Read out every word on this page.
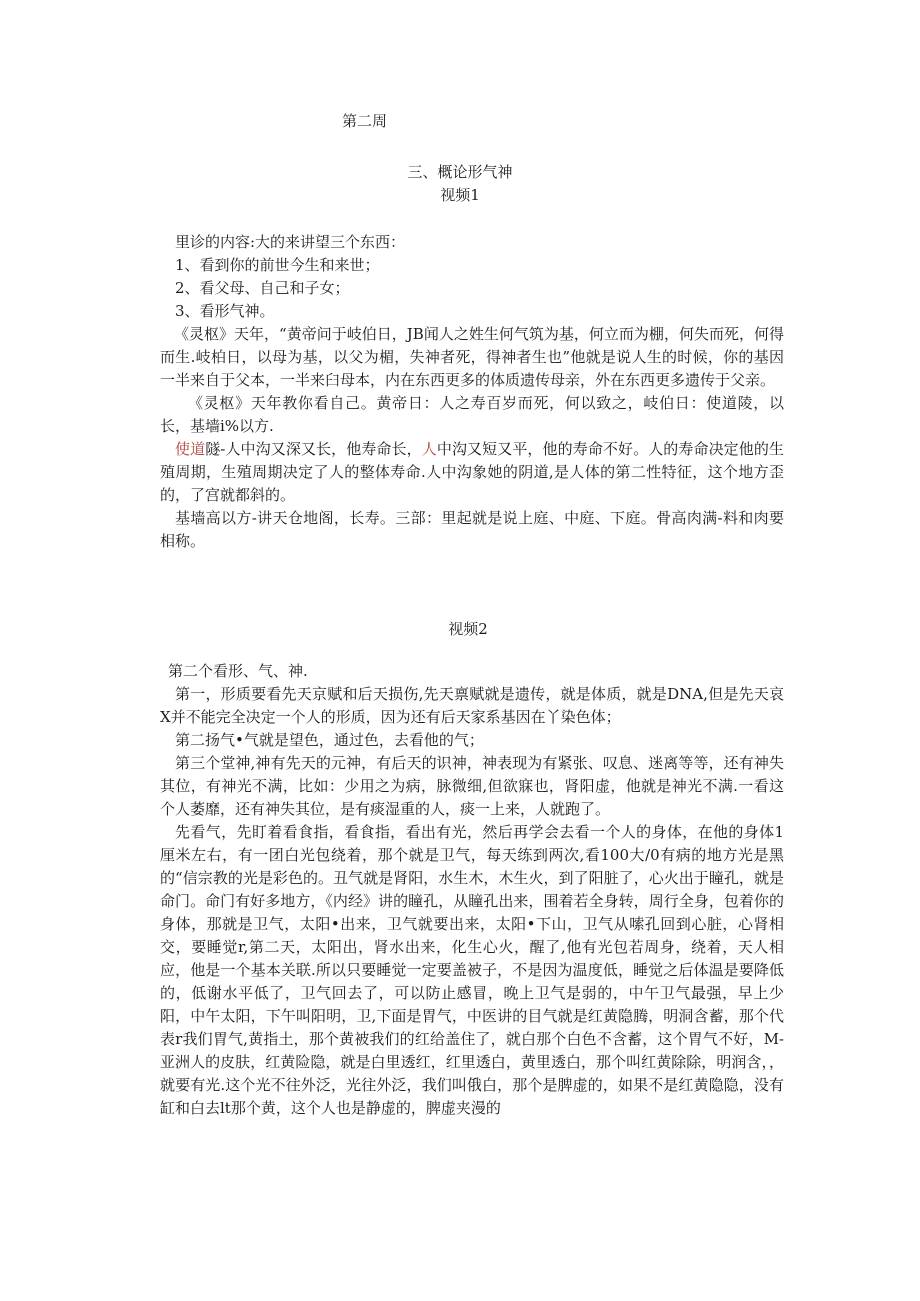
第二周
三、概论形气神
视频1

里诊的内容:大的来讲望三个东西：

1、看到你的前世今生和来世；

2、看父母、自己和子女；

3、看形气神。

《灵枢》天年，“黄帝问于岐伯日，JB闻人之姓生何气筑为基，何立而为棚，何失而死，何得而生.岐柏日，以母为基，以父为楣，失神者死，得神者生也”他就是说人生的时候，你的基因一半来自于父本，一半来臼母本，内在东西更多的体质遗传母亲，外在东西更多遗传于父亲。

《灵枢》天年教你看自己。黄帝日：人之寿百岁而死，何以致之，岐伯日：使道陵，以长，基墙i%以方.

使道隧-人中沟又深又长，他寿命长，人中沟又短又平，他的寿命不好。人的寿命决定他的生殖周期，生殖周期决定了人的整体寿命.人中沟象她的阴道,是人体的第二性特征，这个地方歪的，了宫就都斜的。

基墙高以方-讲天仓地阁，长寿。三部：里起就是说上庭、中庭、下庭。骨高肉满-料和肉要相称。

视频2

第二个看形、气、神.

第一，形质要看先天京赋和后天损伤,先天禀赋就是遗传，就是体质，就是DNA,但是先天哀X并不能完全决定一个人的形质，因为还有后天家系基因在丫染色体；

第二扬气•气就是望色，通过色，去看他的气；

第三个堂神,神有先天的元神，有后天的识神，神表现为有紧张、叹息、迷离等等，还有神失其位，有神光不满，比如：少用之为病，脉微细,但欲寐也，肾阳虚，他就是神光不满.一看这个人萎靡，还有神失其位，是有痰湿重的人，痰一上来，人就跑了。

先看气，先盯着看食指，看食指，看出有光，然后再学会去看一个人的身体，在他的身体1厘米左右，有一团白光包绕着，那个就是卫气，每天练到两次,看100大/0有病的地方光是黑的“信宗教的光是彩色的。丑气就是肾阳，水生木，木生火，到了阳脏了，心火出于瞳孔，就是命门。命门有好多地方，《内经》讲的瞳孔，从瞳孔出来，围着若全身转，周行全身，包着你的身体，那就是卫气，太阳•出来，卫气就要出来，太阳•下山，卫气从嗦孔回到心脏，心肾相交，要睡觉r,第二天，太阳出，肾水出来，化生心火，醒了,他有光包若周身，绕着，天人相应，他是一个基本关联.所以只要睡觉一定要盖被子，不是因为温度低，睡觉之后体温是要降低的，低谢水平低了，卫气回去了，可以防止感冒，晚上卫气是弱的，中午卫气最强，早上少阳，中午太阳，下午叫阳明，卫,下面是胃气，中医讲的目气就是红黄隐腾，明洞含蓄，那个代表r我们胃气,黄指土，那个黄被我们的红给盖住了，就白那个白色不含蓄，这个胃气不好，M-亚洲人的皮肤，红黄险隐，就是白里透红，红里透白，黄里透白，那个叫红黄除除，明润含，，就要有光.这个光不往外泛，光往外泛，我们叫俄白，那个是脾虚的，如果不是红黄隐隐，没有缸和白去lt那个黄，这个人也是静虚的，脾虚夹漫的
